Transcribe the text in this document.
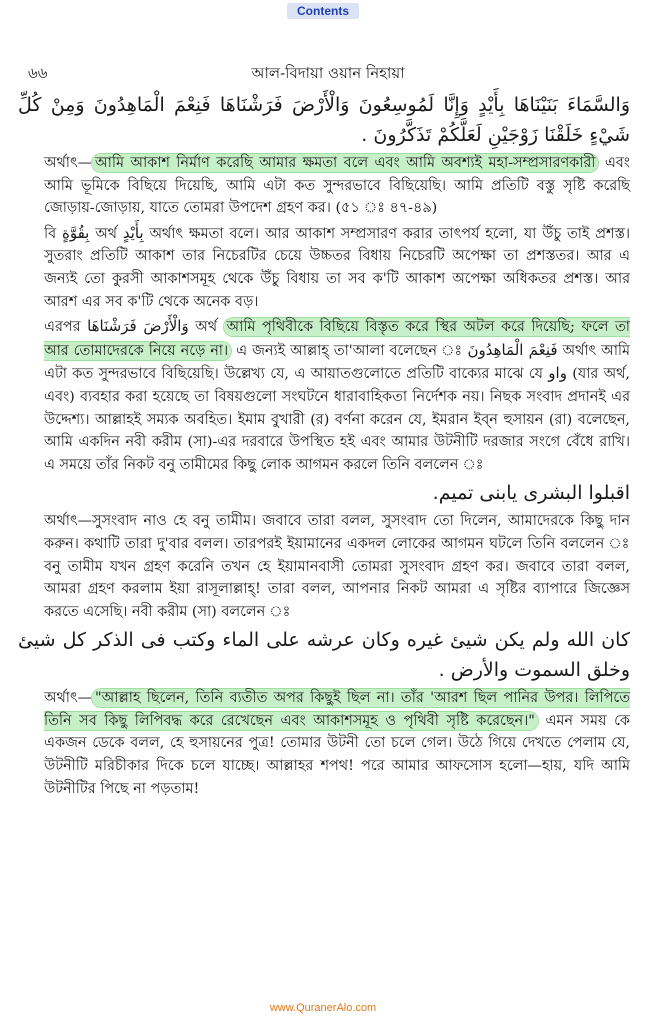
Contents
৬৬	আল-বিদায়া ওয়ান নিহায়া

وَالسَّمَاءَ بَنَيْنَاهَا بِأَيْدٍ وَإِنَّا لَمُوسِعُونَ وَالْأَرْضَ فَرَشْنَاهَا فَنِعْمَ الْمَاهِدُونَ وَمِنْ كُلِّ شَيْءٍ خَلَقْنَا زَوْجَيْنِ لَعَلَّكُمْ تَذَكَّرُونَ .

অর্থাৎ— আমি আকাশ নির্মাণ করেছি আমার ক্ষমতা বলে এবং আমি অবশ্যই মহা-সম্প্রসারণকারী এবং আমি ভূমিকে বিছিয়ে দিয়েছি, আমি এটা কত সুন্দরভাবে বিছিয়েছি। আমি প্রতিটি বস্তু সৃষ্টি করেছি জোড়ায়-জোড়ায়, যাতে তোমরা উপদেশ গ্রহণ কর। (৫১ ঃ ৪৭-৪৯)

বি بِقُوَّةٍ অর্থ بِأَيْدٍ অর্থাৎ ক্ষমতা বলে। আর আকাশ সম্প্রসারণ করার তাৎপর্য হলো, যা উঁচু তাই প্রশস্ত। সুতরাং প্রতিটি আকাশ তার নিচেরটির চেয়ে উচ্চতর বিধায় নিচেরটি অপেক্ষা তা প্রশস্ততর। আর এ জন্যই তো কুরসী আকাশসমূহ থেকে উঁচু বিধায় তা সব ক'টি আকাশ অপেক্ষা অধিকতর প্রশস্ত। আর আরশ এর সব ক'টি থেকে অনেক বড়।

এরপর وَالْأَرْضَ فَرَشْنَاهَا অর্থ আমি পৃথিবীকে বিছিয়ে বিস্তৃত করে স্থির অটল করে দিয়েছি; ফলে তা আর তোমাদেরকে নিয়ে নড়ে না। এ জন্যই আল্লাহ্ তা'আলা বলেছেন ঃ فَنِعْمَ الْمَاهِدُونَ অর্থাৎ আমি এটা কত সুন্দরভাবে বিছিয়েছি। উল্লেখ্য যে, এ আয়াতগুলোতে প্রতিটি বাক্যের মাঝে যে واو (যার অর্থ, এবং) ব্যবহার করা হয়েছে তা বিষয়গুলো সংঘটনে ধারাবাহিকতা নির্দেশক নয়। নিছক সংবাদ প্রদানই এর উদ্দেশ্য। আল্লাহই সম্যক অবহিত। ইমাম বুখারী (র) বর্ণনা করেন যে, ইমরান ইব্‌ন হুসায়ন (রা) বলেছেন, আমি একদিন নবী করীম (সা)-এর দরবারে উপস্থিত হই এবং আমার উটনীটি দরজার সংগে বেঁধে রাখি। এ সময়ে তাঁর নিকট বনু তামীমের কিছু লোক আগমন করলে তিনি বললেন ঃ

اقبلوا البشرى يابنى تميم.

অর্থাৎ—সুসংবাদ নাও হে বনু তামীম। জবাবে তারা বলল, সুসংবাদ তো দিলেন, আমাদেরকে কিছু দান করুন। কথাটি তারা দু'বার বলল। তারপরই ইয়ামানের একদল লোকের আগমন ঘটলে তিনি বললেন ঃ বনু তামীম যখন গ্রহণ করেনি তখন হে ইয়ামানবাসী তোমরা সুসংবাদ গ্রহণ কর। জবাবে তারা বলল, আমরা গ্রহণ করলাম ইয়া রাসূলাল্লাহ্! তারা বলল, আপনার নিকট আমরা এ সৃষ্টির ব্যাপারে জিজ্ঞেস করতে এসেছি। নবী করীম (সা) বললেন ঃ

كان الله ولم يكن شيئ غيره وكان عرشه على الماء وكتب فى الذكر كل شيئ وخلق السموت والأرض .

অর্থাৎ— "আল্লাহ ছিলেন, তিনি ব্যতীত অপর কিছুই ছিল না। তাঁর 'আরশ ছিল পানির উপর। লিপিতে তিনি সব কিছু লিপিবদ্ধ করে রেখেছেন এবং আকাশসমূহ ও পৃথিবী সৃষ্টি করেছেন।" এমন সময় কে একজন ডেকে বলল, হে হুসায়নের পুত্র! তোমার উটনী তো চলে গেল। উঠে গিয়ে দেখতে পেলাম যে, উটনীটি মরিচীকার দিকে চলে যাচ্ছে। আল্লাহর শপথ! পরে আমার আফসোস হলো—হায়, যদি আমি উটনীটির পিছে না পড়তাম!

www.QuranerAlo.com
